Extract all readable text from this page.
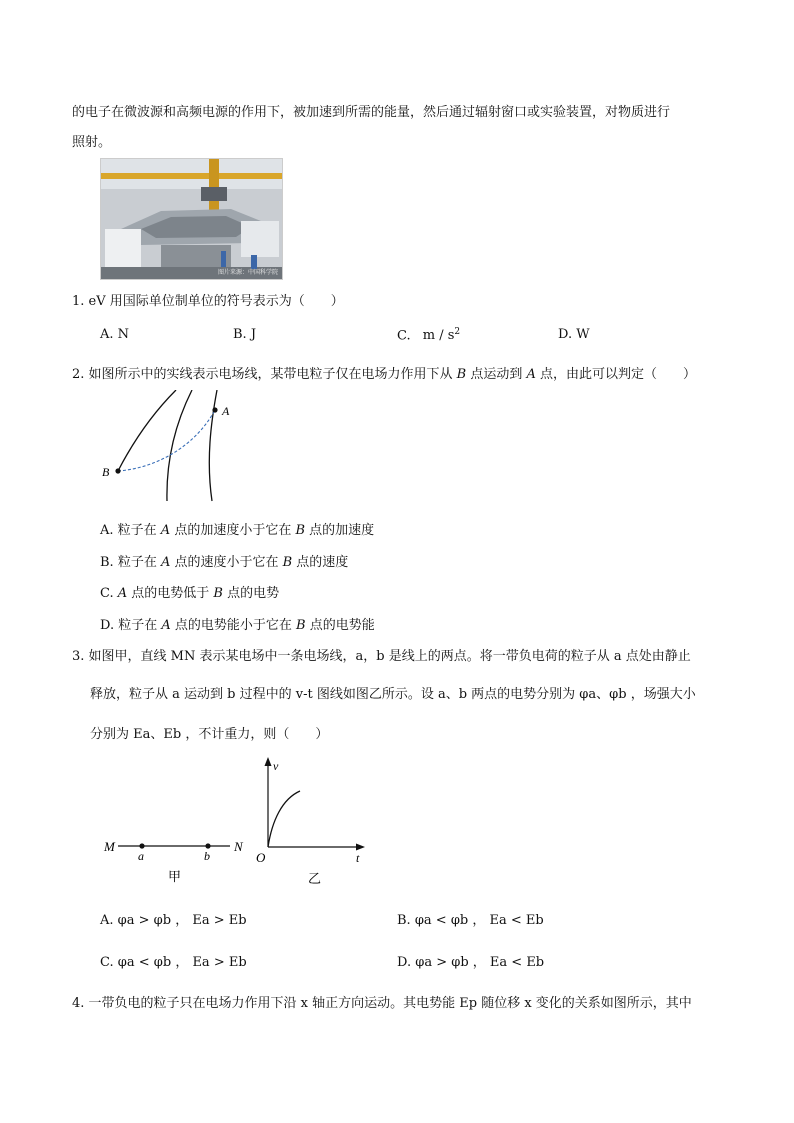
的电子在微波源和高频电源的作用下，被加速到所需的能量，然后通过辐射窗口或实验装置，对物质进行
照射。
图片来源：中国科学院
1. eV 用国际单位制单位的符号表示为（　　）
A. N	B. J	C. m / $s^2$	D. W
2. 如图所示中的实线表示电场线，某带电粒子仅在电场力作用下从 B 点运动到 A 点，由此可以判定（　　）
A
B
A. 粒子在 A 点的加速度小于它在 B 点的加速度
B. 粒子在 A 点的速度小于它在 B 点的速度
C. A 点的电势低于 B 点的电势
D. 粒子在 A 点的电势能小于它在 B 点的电势能
3. 如图甲，直线 MN 表示某电场中一条电场线，a，b 是线上的两点。将一带负电荷的粒子从 a 点处由静止
释放，粒子从 a 运动到 b 过程中的 v-t 图线如图乙所示。设 a、b 两点的电势分别为 φa、φb ，场强大小
分别为 Ea、Eb ，不计重力，则（　　）
M	N
a	b
甲
v
t
O
乙
A. φa > φb ， Ea > Eb	B. φa < φb ， Ea < Eb
C. φa < φb ， Ea > Eb	D. φa > φb ， Ea < Eb
4. 一带负电的粒子只在电场力作用下沿 x 轴正方向运动。其电势能 Ep 随位移 x 变化的关系如图所示，其中
